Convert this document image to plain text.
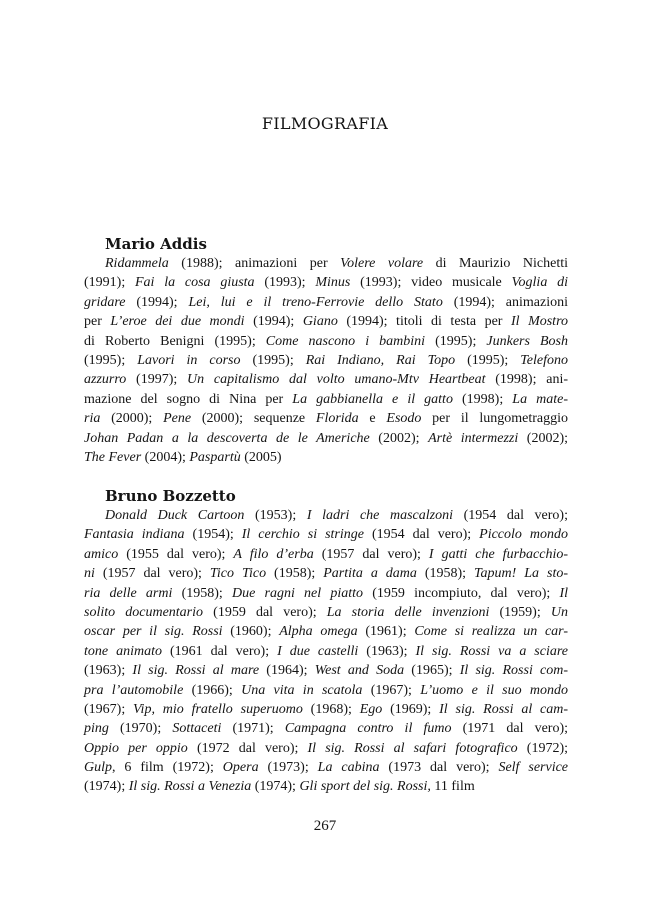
FILMOGRAFIA
Mario Addis
Ridammela (1988); animazioni per Volere volare di Maurizio Nichetti
(1991); Fai la cosa giusta (1993); Minus (1993); video musicale Voglia di
gridare (1994); Lei, lui e il treno-Ferrovie dello Stato (1994); animazioni
per L’eroe dei due mondi (1994); Giano (1994); titoli di testa per Il Mostro
di Roberto Benigni (1995); Come nascono i bambini (1995); Junkers Bosh
(1995); Lavori in corso (1995); Rai Indiano, Rai Topo (1995); Telefono
azzurro (1997); Un capitalismo dal volto umano-Mtv Heartbeat (1998); ani-
mazione del sogno di Nina per La gabbianella e il gatto (1998); La mate-
ria (2000); Pene (2000); sequenze Florida e Esodo per il lungometraggio
Johan Padan a la descoverta de le Americhe (2002); Artè intermezzi (2002);
The Fever (2004); Paspartù (2005)
Bruno Bozzetto
Donald Duck Cartoon (1953); I ladri che mascalzoni (1954 dal vero);
Fantasia indiana (1954); Il cerchio si stringe (1954 dal vero); Piccolo mondo
amico (1955 dal vero); A filo d’erba (1957 dal vero); I gatti che furbacchio-
ni (1957 dal vero); Tico Tico (1958); Partita a dama (1958); Tapum! La sto-
ria delle armi (1958); Due ragni nel piatto (1959 incompiuto, dal vero); Il
solito documentario (1959 dal vero); La storia delle invenzioni (1959); Un
oscar per il sig. Rossi (1960); Alpha omega (1961); Come si realizza un car-
tone animato (1961 dal vero); I due castelli (1963); Il sig. Rossi va a sciare
(1963); Il sig. Rossi al mare (1964); West and Soda (1965); Il sig. Rossi com-
pra l’automobile (1966); Una vita in scatola (1967); L’uomo e il suo mondo
(1967); Vip, mio fratello superuomo (1968); Ego (1969); Il sig. Rossi al cam-
ping (1970); Sottaceti (1971); Campagna contro il fumo (1971 dal vero);
Oppio per oppio (1972 dal vero); Il sig. Rossi al safari fotografico (1972);
Gulp, 6 film (1972); Opera (1973); La cabina (1973 dal vero); Self service
(1974); Il sig. Rossi a Venezia (1974); Gli sport del sig. Rossi, 11 film
267
